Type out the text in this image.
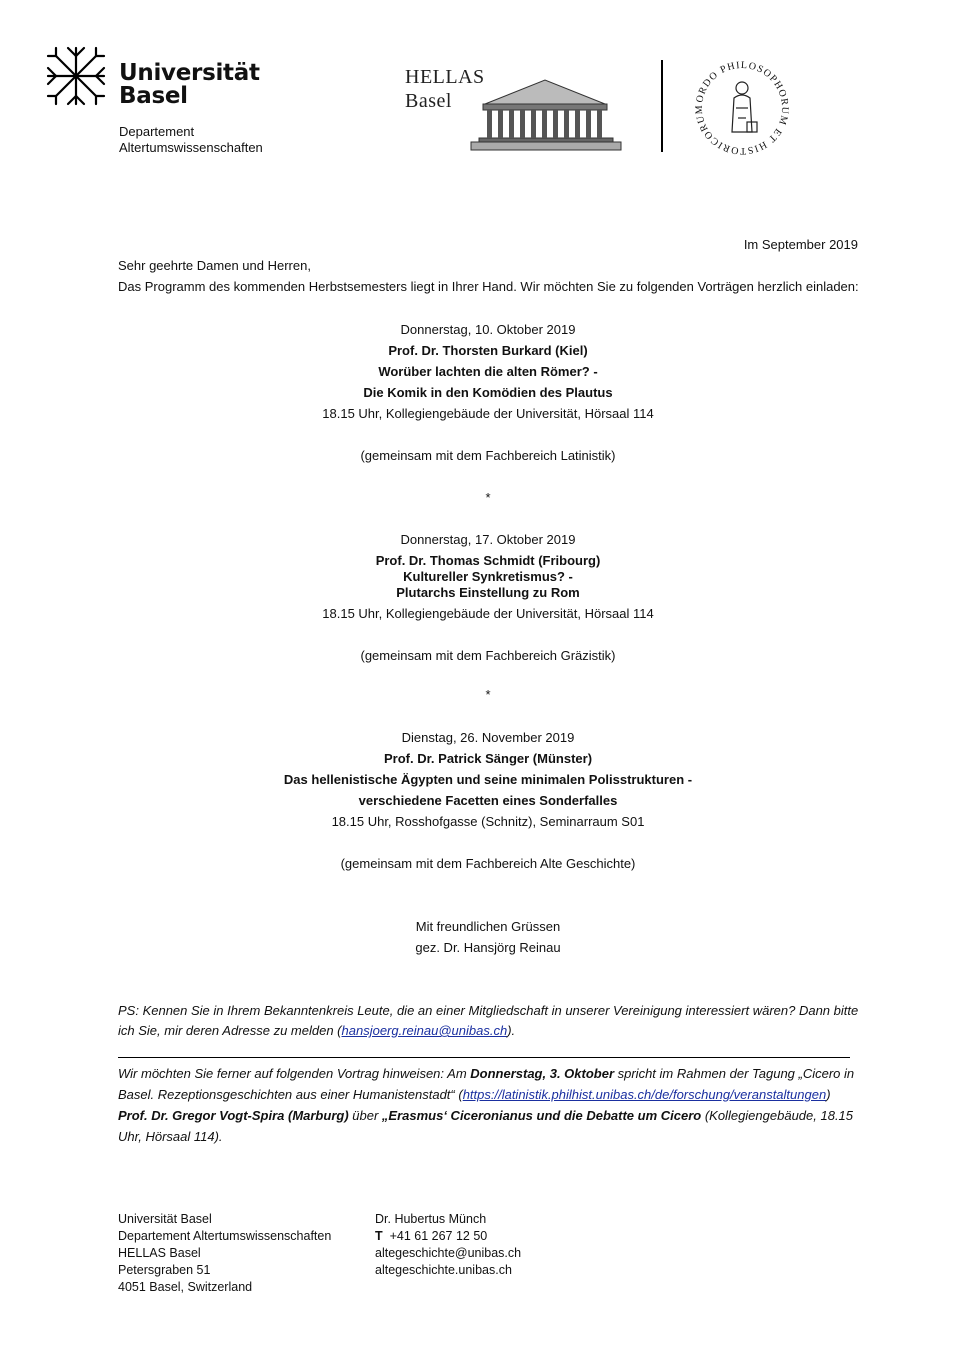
Universität
Basel
Departement
Altertumswissenschaften
HELLAS
Basel	ORDO PHILOSOPHORUM ET HISTORICORUM
Im September 2019
Sehr geehrte Damen und Herren,
Das Programm des kommenden Herbstsemesters liegt in Ihrer Hand. Wir möchten Sie zu folgenden Vorträgen herzlich einladen:
Donnerstag, 10. Oktober 2019
Prof. Dr. Thorsten Burkard (Kiel)
Worüber lachten die alten Römer? -
Die Komik in den Komödien des Plautus
18.15 Uhr, Kollegiengebäude der Universität, Hörsaal 114
(gemeinsam mit dem Fachbereich Latinistik)
*
Donnerstag, 17. Oktober 2019
Prof. Dr. Thomas Schmidt (Fribourg)
Kultureller Synkretismus? -
Plutarchs Einstellung zu Rom
18.15 Uhr, Kollegiengebäude der Universität, Hörsaal 114
(gemeinsam mit dem Fachbereich Gräzistik)
*
Dienstag, 26. November 2019
Prof. Dr. Patrick Sänger (Münster)
Das hellenistische Ägypten und seine minimalen Polisstrukturen -
verschiedene Facetten eines Sonderfalles
18.15 Uhr, Rosshofgasse (Schnitz), Seminarraum S01
(gemeinsam mit dem Fachbereich Alte Geschichte)
Mit freundlichen Grüssen
gez. Dr. Hansjörg Reinau
PS: Kennen Sie in Ihrem Bekanntenkreis Leute, die an einer Mitgliedschaft in unserer Vereinigung interessiert wären? Dann bitte ich Sie, mir deren Adresse zu melden (hansjoerg.reinau@unibas.ch).
Wir möchten Sie ferner auf folgenden Vortrag hinweisen: Am Donnerstag, 3. Oktober spricht im Rahmen der Tagung „Cicero in Basel. Rezeptionsgeschichten aus einer Humanistenstadt“ (https://latinistik.philhist.unibas.ch/de/forschung/veranstaltungen) Prof. Dr. Gregor Vogt-Spira (Marburg) über „Erasmus‘ Ciceronianus und die Debatte um Cicero (Kollegiengebäude, 18.15 Uhr, Hörsaal 114).
Universität Basel
Departement Altertumswissenschaften
HELLAS Basel
Petersgraben 51
4051 Basel, Switzerland
Dr. Hubertus Münch
T +41 61 267 12 50
altegeschichte@unibas.ch
altegeschichte.unibas.ch
